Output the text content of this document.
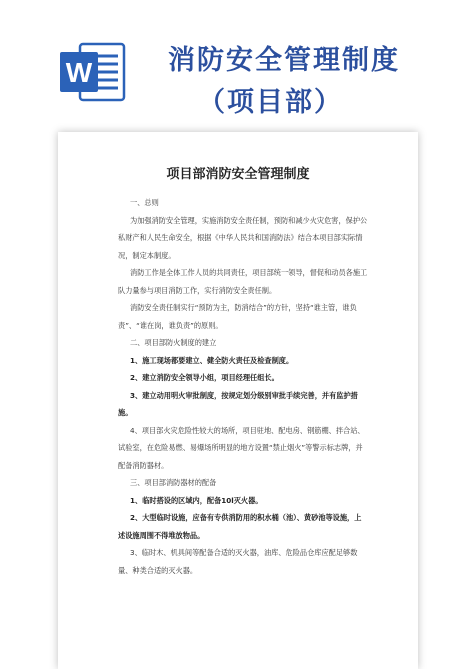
W	消防安全管理制度
（项目部）
项目部消防安全管理制度

一、总则

为加强消防安全管理，实施消防安全责任制，预防和减少火灾危害，保护公私财产和人民生命安全，根据《中华人民共和国消防法》结合本项目部实际情况，制定本制度。

消防工作是全体工作人员的共同责任，项目部统一领导，督促和动员各施工队力量参与项目消防工作，实行消防安全责任制。

消防安全责任制实行“预防为主，防消结合”的方针，坚持“谁主管，谁负责”、“谁在岗，谁负责”的原则。

二、项目部防火制度的建立

1、施工现场都要建立、健全防火责任及检查制度。

2、建立消防安全领导小组，项目经理任组长。

3、建立动用明火审批制度，按规定划分级别审批手续完善，并有监护措施。

4、项目部火灾危险性较大的场所，项目驻地、配电房、钢筋棚、拌合站、试验室，在危险易燃、易爆场所明显的地方设置“禁止烟火”等警示标志牌，并配备消防器材。

三、项目部消防器材的配备

1、临时搭设的区域内，配备10l灭火器。

2、大型临时设施，应备有专供消防用的积水桶（池）、黄砂池等设施，上述设施周围不得堆放物品。

3、临时木、机具间等配备合适的灭火器，油库、危险品仓库应配足够数量、种类合适的灭火器。
